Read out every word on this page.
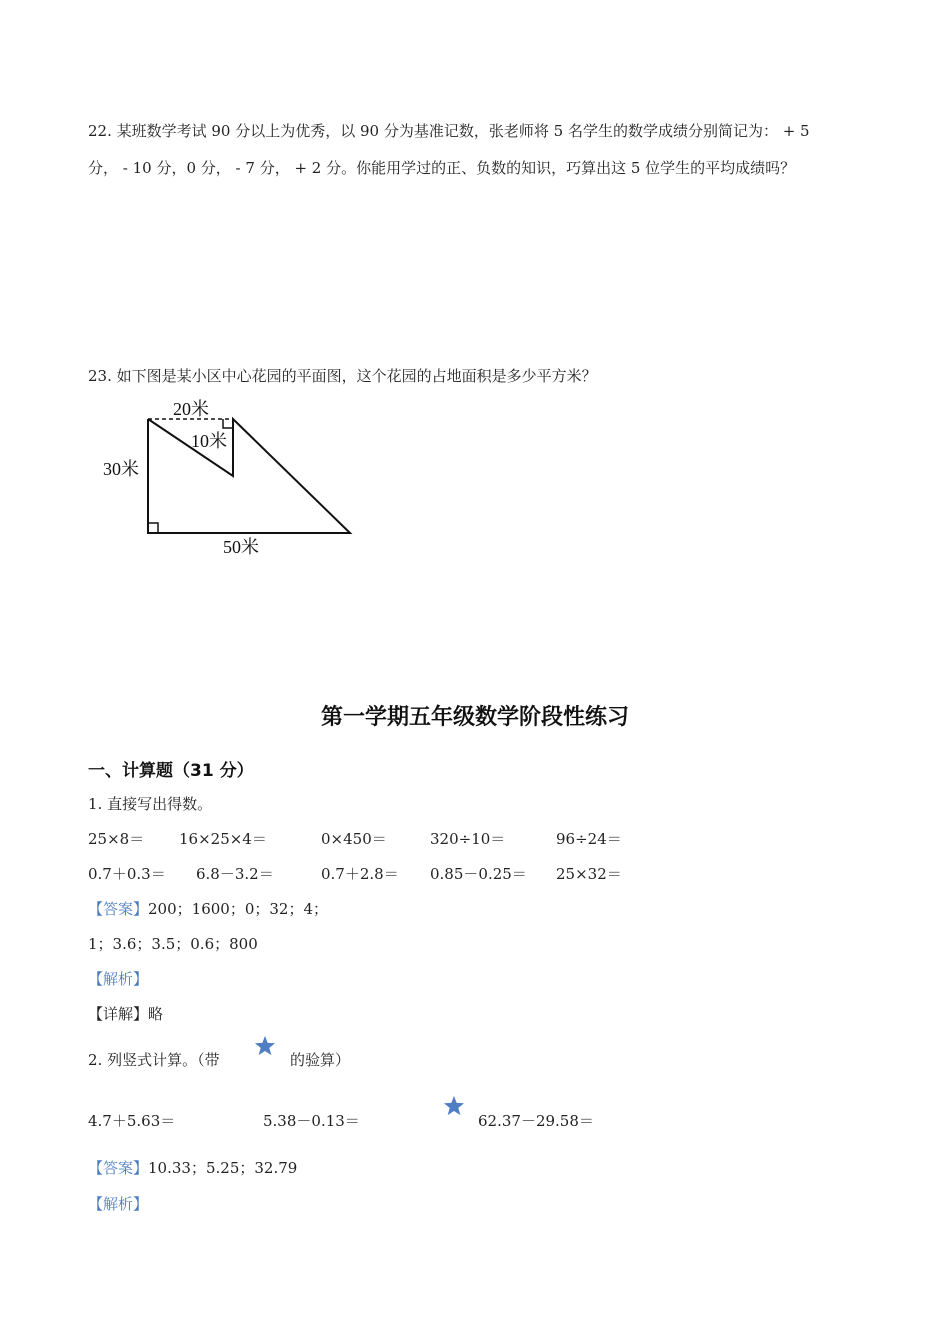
22. 某班数学考试 90 分以上为优秀，以 90 分为基准记数，张老师将 5 名学生的数学成绩分别简记为： + 5
分， - 10 分，0 分， - 7 分， + 2 分。你能用学过的正、负数的知识，巧算出这 5 位学生的平均成绩吗？
23. 如下图是某小区中心花园的平面图，这个花园的占地面积是多少平方米？
20米
10米
30米
50米
第一学期五年级数学阶段性练习
一、计算题（31 分）
1. 直接写出得数。
25×8＝ 16×25×4＝	0×450＝	320÷10＝	96÷24＝
0.7＋0.3＝ 6.8－3.2＝	0.7＋2.8＝ 0.85－0.25＝ 25×32＝
【答案】200；1600；0；32；4；
1；3.6；3.5；0.6；800
【解析】
【详解】略
2. 列竖式计算。（带	的验算）
4.7＋5.63＝	5.38－0.13＝	62.37－29.58＝
【答案】10.33；5.25；32.79
【解析】
